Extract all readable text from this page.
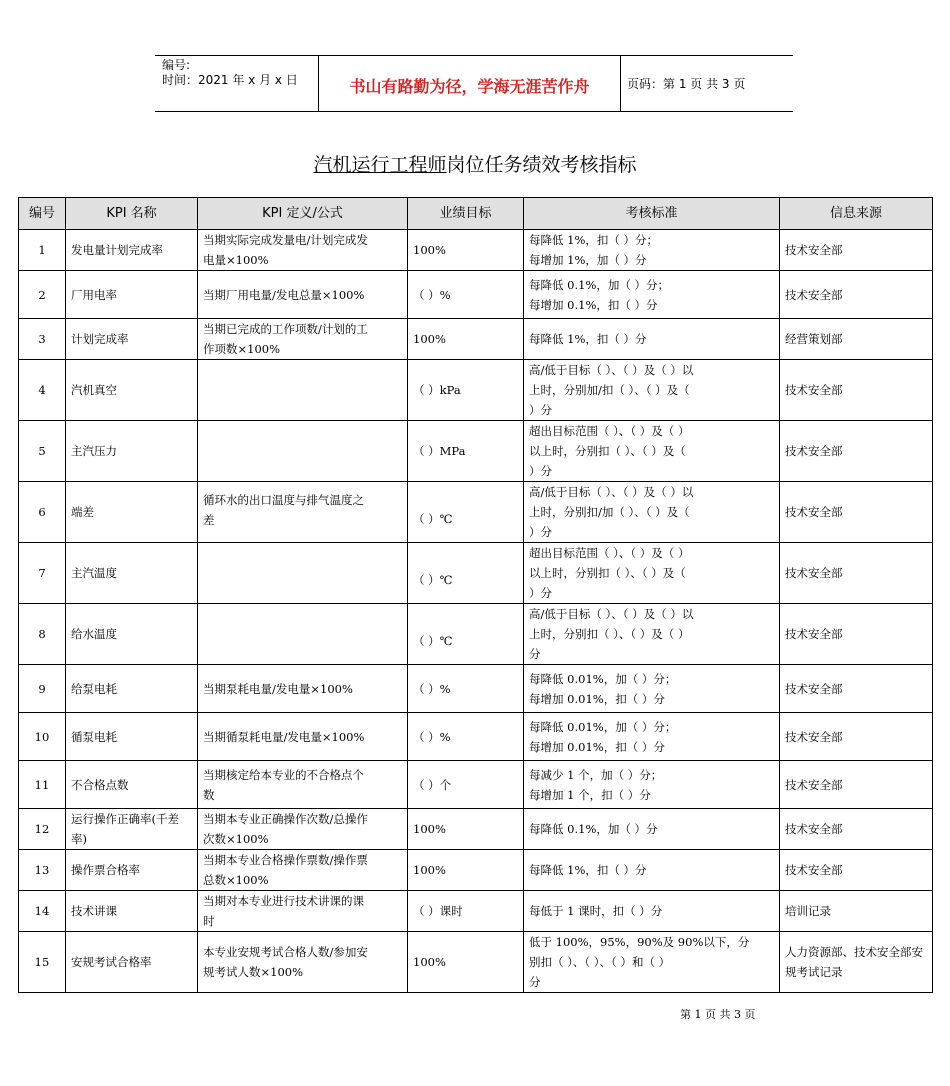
编号:
时间：2021 年 x 月 x 日	书山有路勤为径，学海无涯苦作舟	页码：第 1 页 共 3 页
汽机运行工程师岗位任务绩效考核指标
编号	KPI 名称	KPI 定义/公式	业绩目标	考核标准	信息来源
1	发电量计划完成率	当期实际完成发量电/计划完成发
电量×100%	100%	每降低 1%，扣（ ）分；
每增加 1%，加（ ）分	技术安全部
2	厂用电率	当期厂用电量/发电总量×100%	（ ）%	每降低 0.1%，加（ ）分；
每增加 0.1%，扣（ ）分	技术安全部
3	计划完成率	当期已完成的工作项数/计划的工
作项数×100%	100%	每降低 1%，扣（ ）分	经营策划部
4	汽机真空		（ ）kPa	高/低于目标（ ）、（ ）及（ ）以
上时，分别加/扣（ ）、（ ）及（
）分	技术安全部
5	主汽压力		（ ）MPa	超出目标范围（ ）、（ ）及（ ）
以上时，分别扣（ ）、（ ）及（
）分	技术安全部
6	端差	循环水的出口温度与排气温度之
差	（ ）℃	高/低于目标（ ）、（ ）及（ ）以
上时，分别扣/加（ ）、（ ）及（
）分	技术安全部
7	主汽温度		（ ）℃	超出目标范围（ ）、（ ）及（ ）
以上时，分别扣（ ）、（ ）及（
）分	技术安全部
8	给水温度		（ ）℃	高/低于目标（ ）、（ ）及（ ）以
上时，分别扣（ ）、（ ）及（ ）
分	技术安全部
9	给泵电耗	当期泵耗电量/发电量×100%	（ ）%	每降低 0.01%，加（ ）分；
每增加 0.01%，扣（ ）分	技术安全部
10	循泵电耗	当期循泵耗电量/发电量×100%	（ ）%	每降低 0.01%，加（ ）分；
每增加 0.01%，扣（ ）分	技术安全部
11	不合格点数	当期核定给本专业的不合格点个
数	（ ）个	每减少 1 个，加（ ）分；
每增加 1 个，扣（ ）分	技术安全部
12	运行操作正确率(千差率)	当期本专业正确操作次数/总操作
次数×100%	100%	每降低 0.1%，加（ ）分	技术安全部
13	操作票合格率	当期本专业合格操作票数/操作票
总数×100%	100%	每降低 1%，扣（ ）分	技术安全部
14	技术讲课	当期对本专业进行技术讲课的课
时	（ ）课时	每低于 1 课时，扣（ ）分	培训记录
15	安规考试合格率	本专业安规考试合格人数/参加安
规考试人数×100%	100%	低于 100%，95%，90%及 90%以下，分
别扣（ ）、（ ）、（ ）和（ ）
分	人力资源部、技术安全部安规考试记录
第 1 页 共 3 页
